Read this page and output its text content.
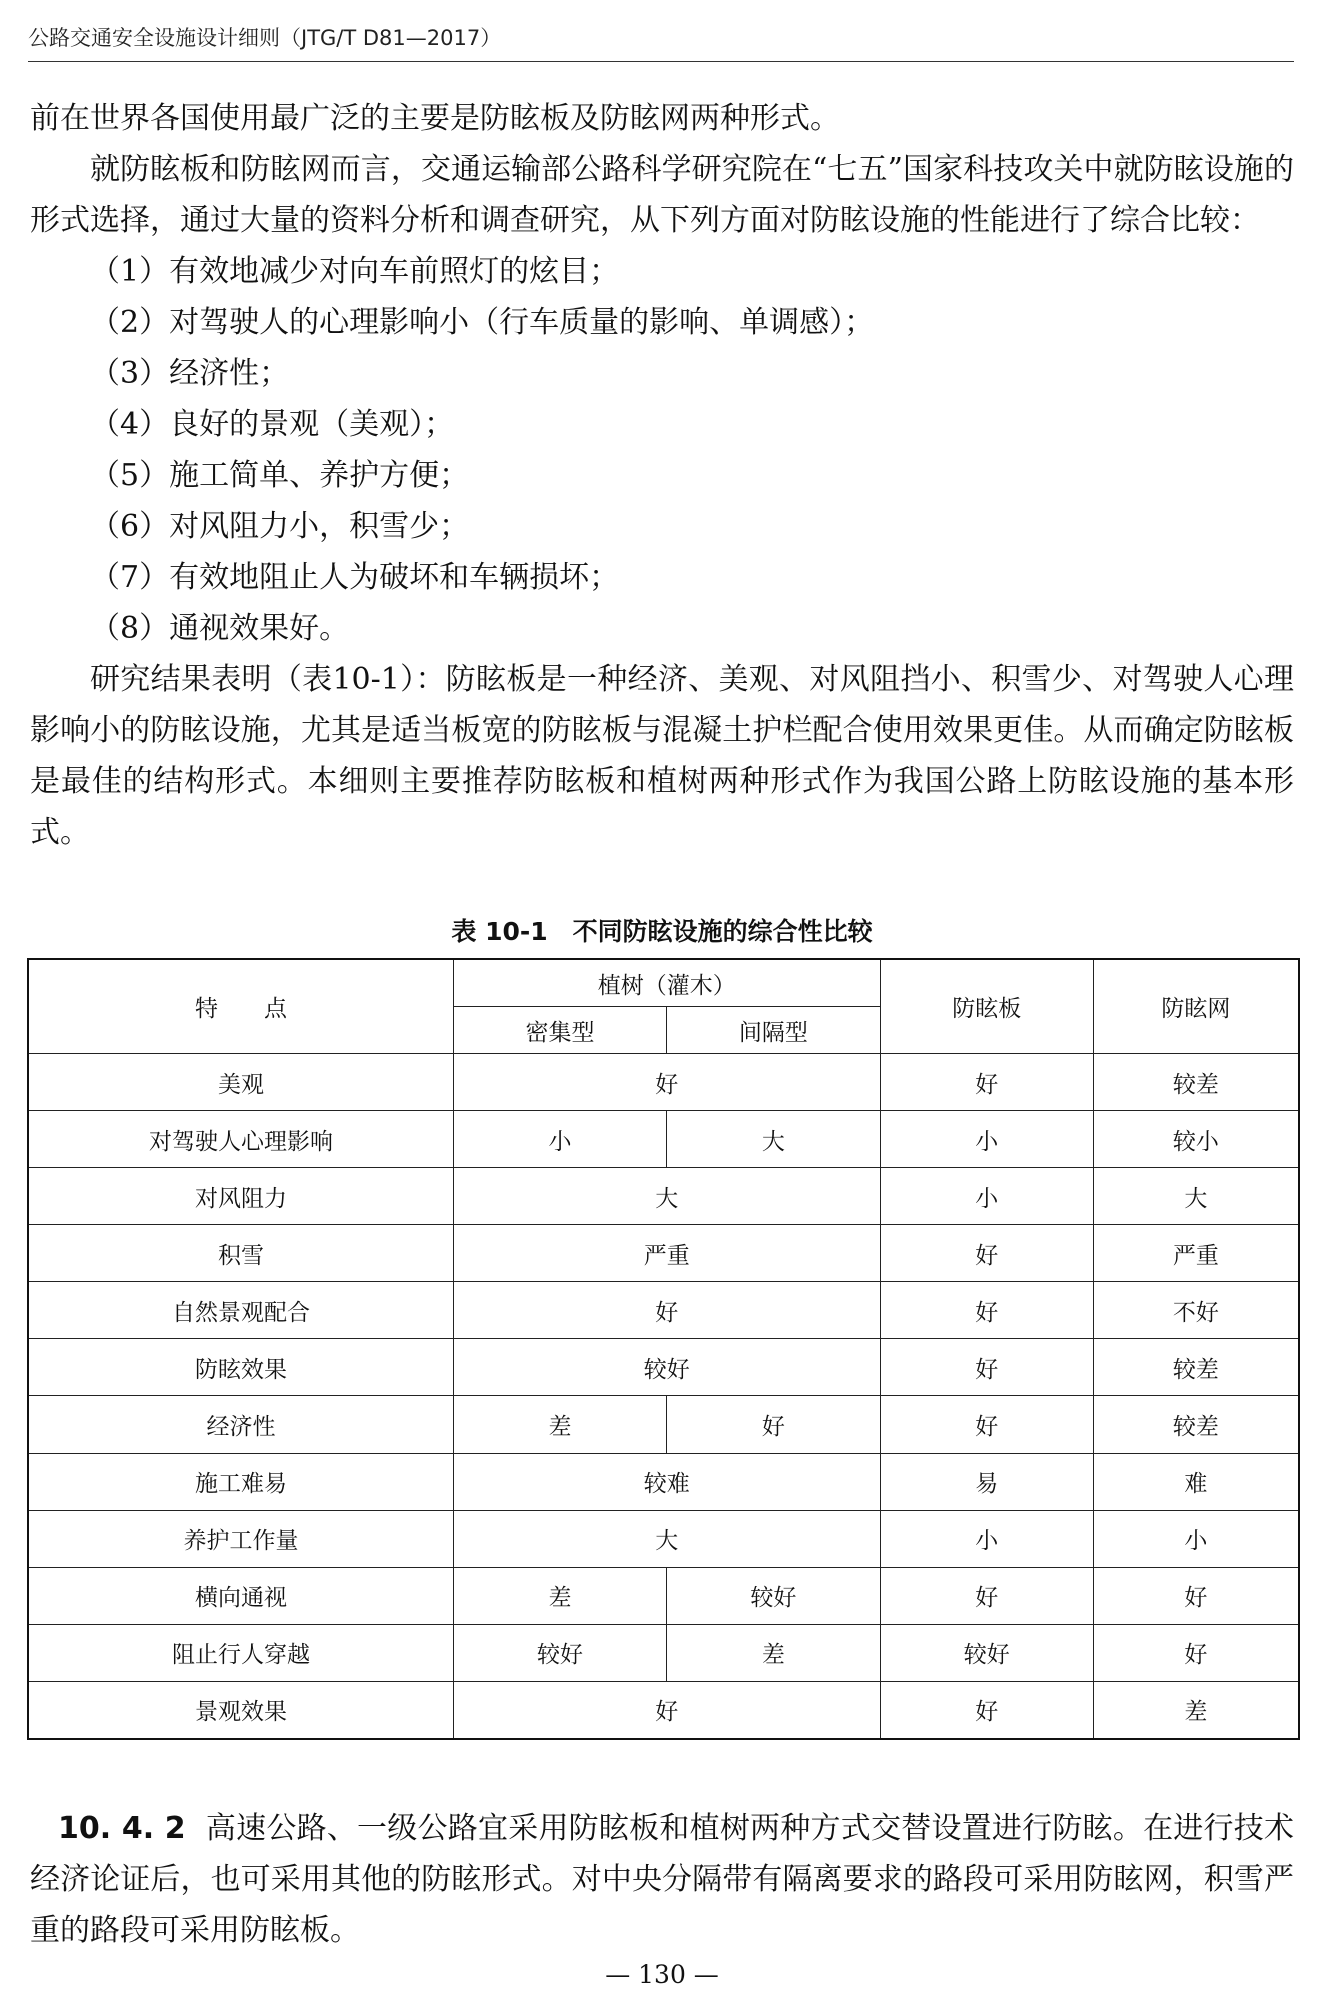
公路交通安全设施设计细则（JTG/T D81—2017）

前在世界各国使用最广泛的主要是防眩板及防眩网两种形式。

就防眩板和防眩网而言，交通运输部公路科学研究院在“七五”国家科技攻关中就防眩设施的形式选择，通过大量的资料分析和调查研究，从下列方面对防眩设施的性能进行了综合比较：

（1）有效地减少对向车前照灯的炫目；

（2）对驾驶人的心理影响小（行车质量的影响、单调感）；

（3）经济性；

（4）良好的景观（美观）；

（5）施工简单、养护方便；

（6）对风阻力小，积雪少；

（7）有效地阻止人为破坏和车辆损坏；

（8）通视效果好。

研究结果表明（表10-1）：防眩板是一种经济、美观、对风阻挡小、积雪少、对驾驶人心理影响小的防眩设施，尤其是适当板宽的防眩板与混凝土护栏配合使用效果更佳。从而确定防眩板是最佳的结构形式。本细则主要推荐防眩板和植树两种形式作为我国公路上防眩设施的基本形式。

表 10-1　不同防眩设施的综合性比较
特　　点	植树（灌木）		防眩板	防眩网
	密集型	间隔型		
美观	好		好	较差
对驾驶人心理影响	小	大	小	较小
对风阻力	大		小	大
积雪	严重		好	严重
自然景观配合	好		好	不好
防眩效果	较好		好	较差
经济性	差	好	好	较差
施工难易	较难		易	难
养护工作量	大		小	小
横向通视	差	较好	好	好
阻止行人穿越	较好	差	较好	好
景观效果	好		好	差
10. 4. 2 高速公路、一级公路宜采用防眩板和植树两种方式交替设置进行防眩。在进行技术经济论证后，也可采用其他的防眩形式。对中央分隔带有隔离要求的路段可采用防眩网，积雪严重的路段可采用防眩板。
— 130 —
